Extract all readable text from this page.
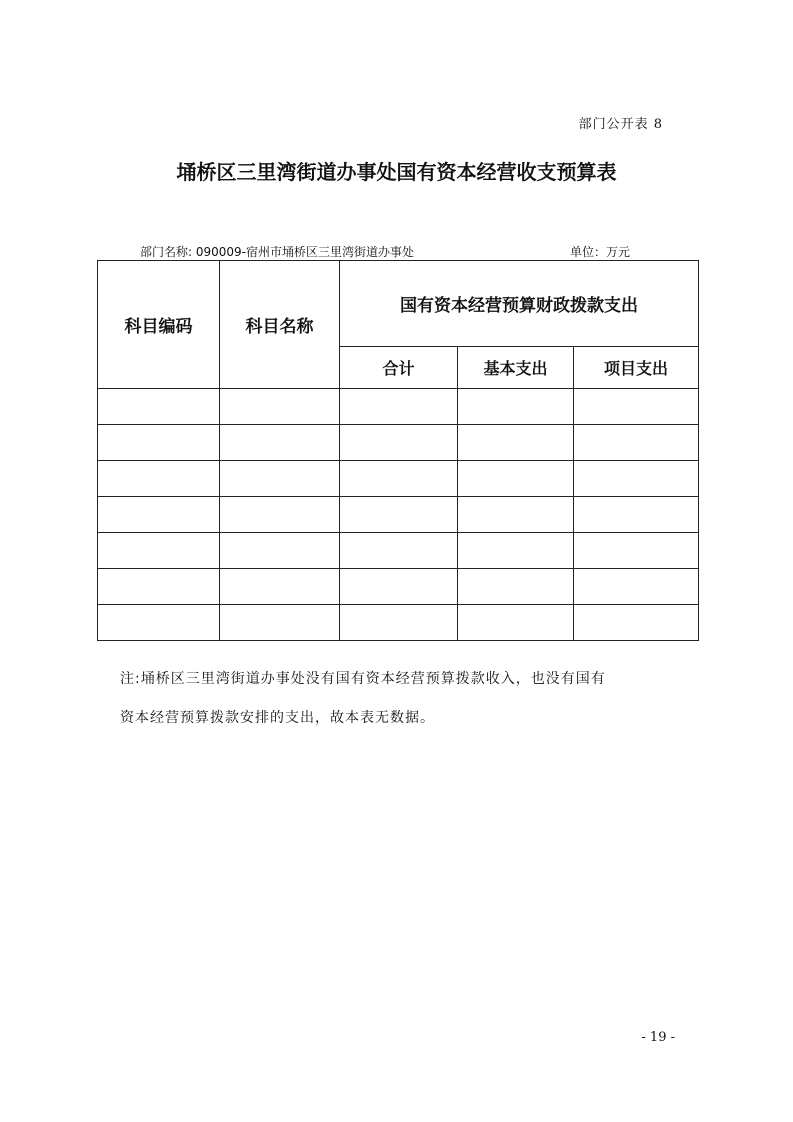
部门公开表 8
埇桥区三里湾街道办事处国有资本经营收支预算表
部门名称: 090009-宿州市埇桥区三里湾街道办事处	单位：万元
科目编码	科目名称	国有资本经营预算财政拨款支出		
		合计	基本支出	项目支出

注:埇桥区三里湾街道办事处没有国有资本经营预算拨款收入，也没有国有
资本经营预算拨款安排的支出，故本表无数据。
- 19 -
